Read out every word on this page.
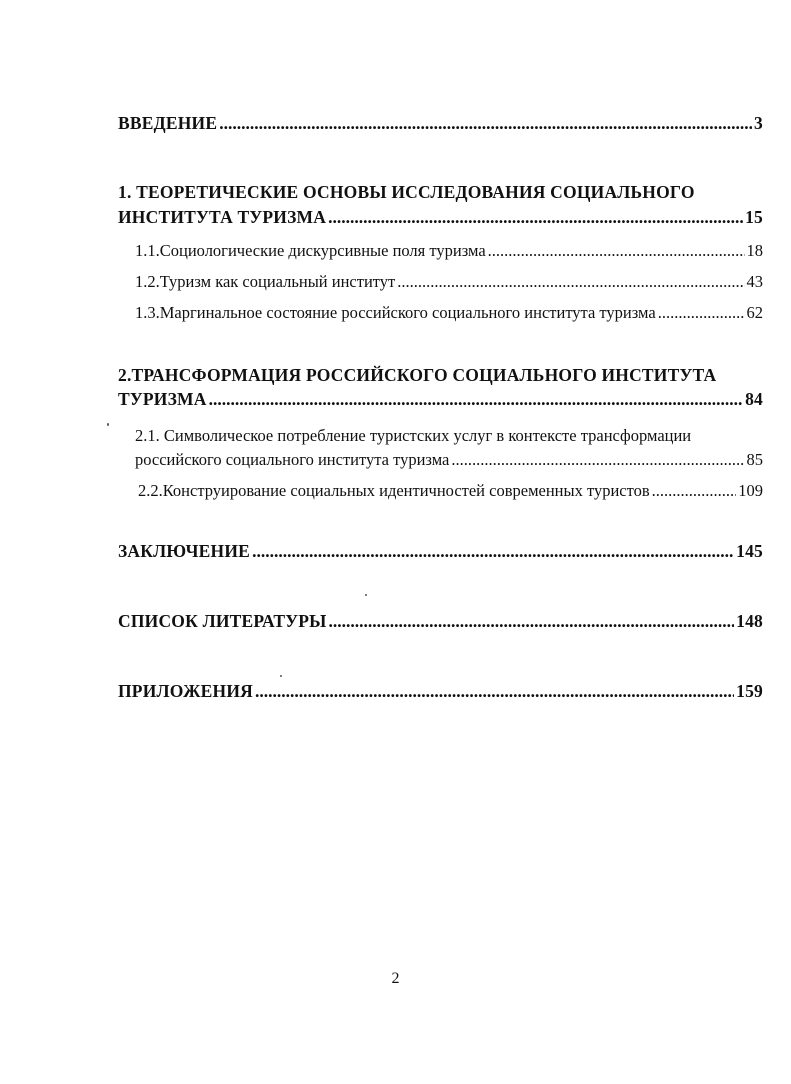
ВВЕДЕНИЕ .....	3
1. ТЕОРЕТИЧЕСКИЕ ОСНОВЫ ИССЛЕДОВАНИЯ СОЦИАЛЬНОГО
ИНСТИТУТА ТУРИЗМА .....	15
1.1.Социологические дискурсивные поля туризма .....	18
1.2.Туризм как социальный институт .....	43
1.3.Маргинальное состояние российского социального института туризма .....	62
2.ТРАНСФОРМАЦИЯ РОССИЙСКОГО СОЦИАЛЬНОГО ИНСТИТУТА
ТУРИЗМА .....	84
2.1. Символическое потребление туристских услуг в контексте трансформации
российского социального института туризма .....	85
2.2.Конструирование социальных идентичностей современных туристов .....	109
ЗАКЛЮЧЕНИЕ .....	145
СПИСОК ЛИТЕРАТУРЫ .....	148
ПРИЛОЖЕНИЯ .....	159
2
